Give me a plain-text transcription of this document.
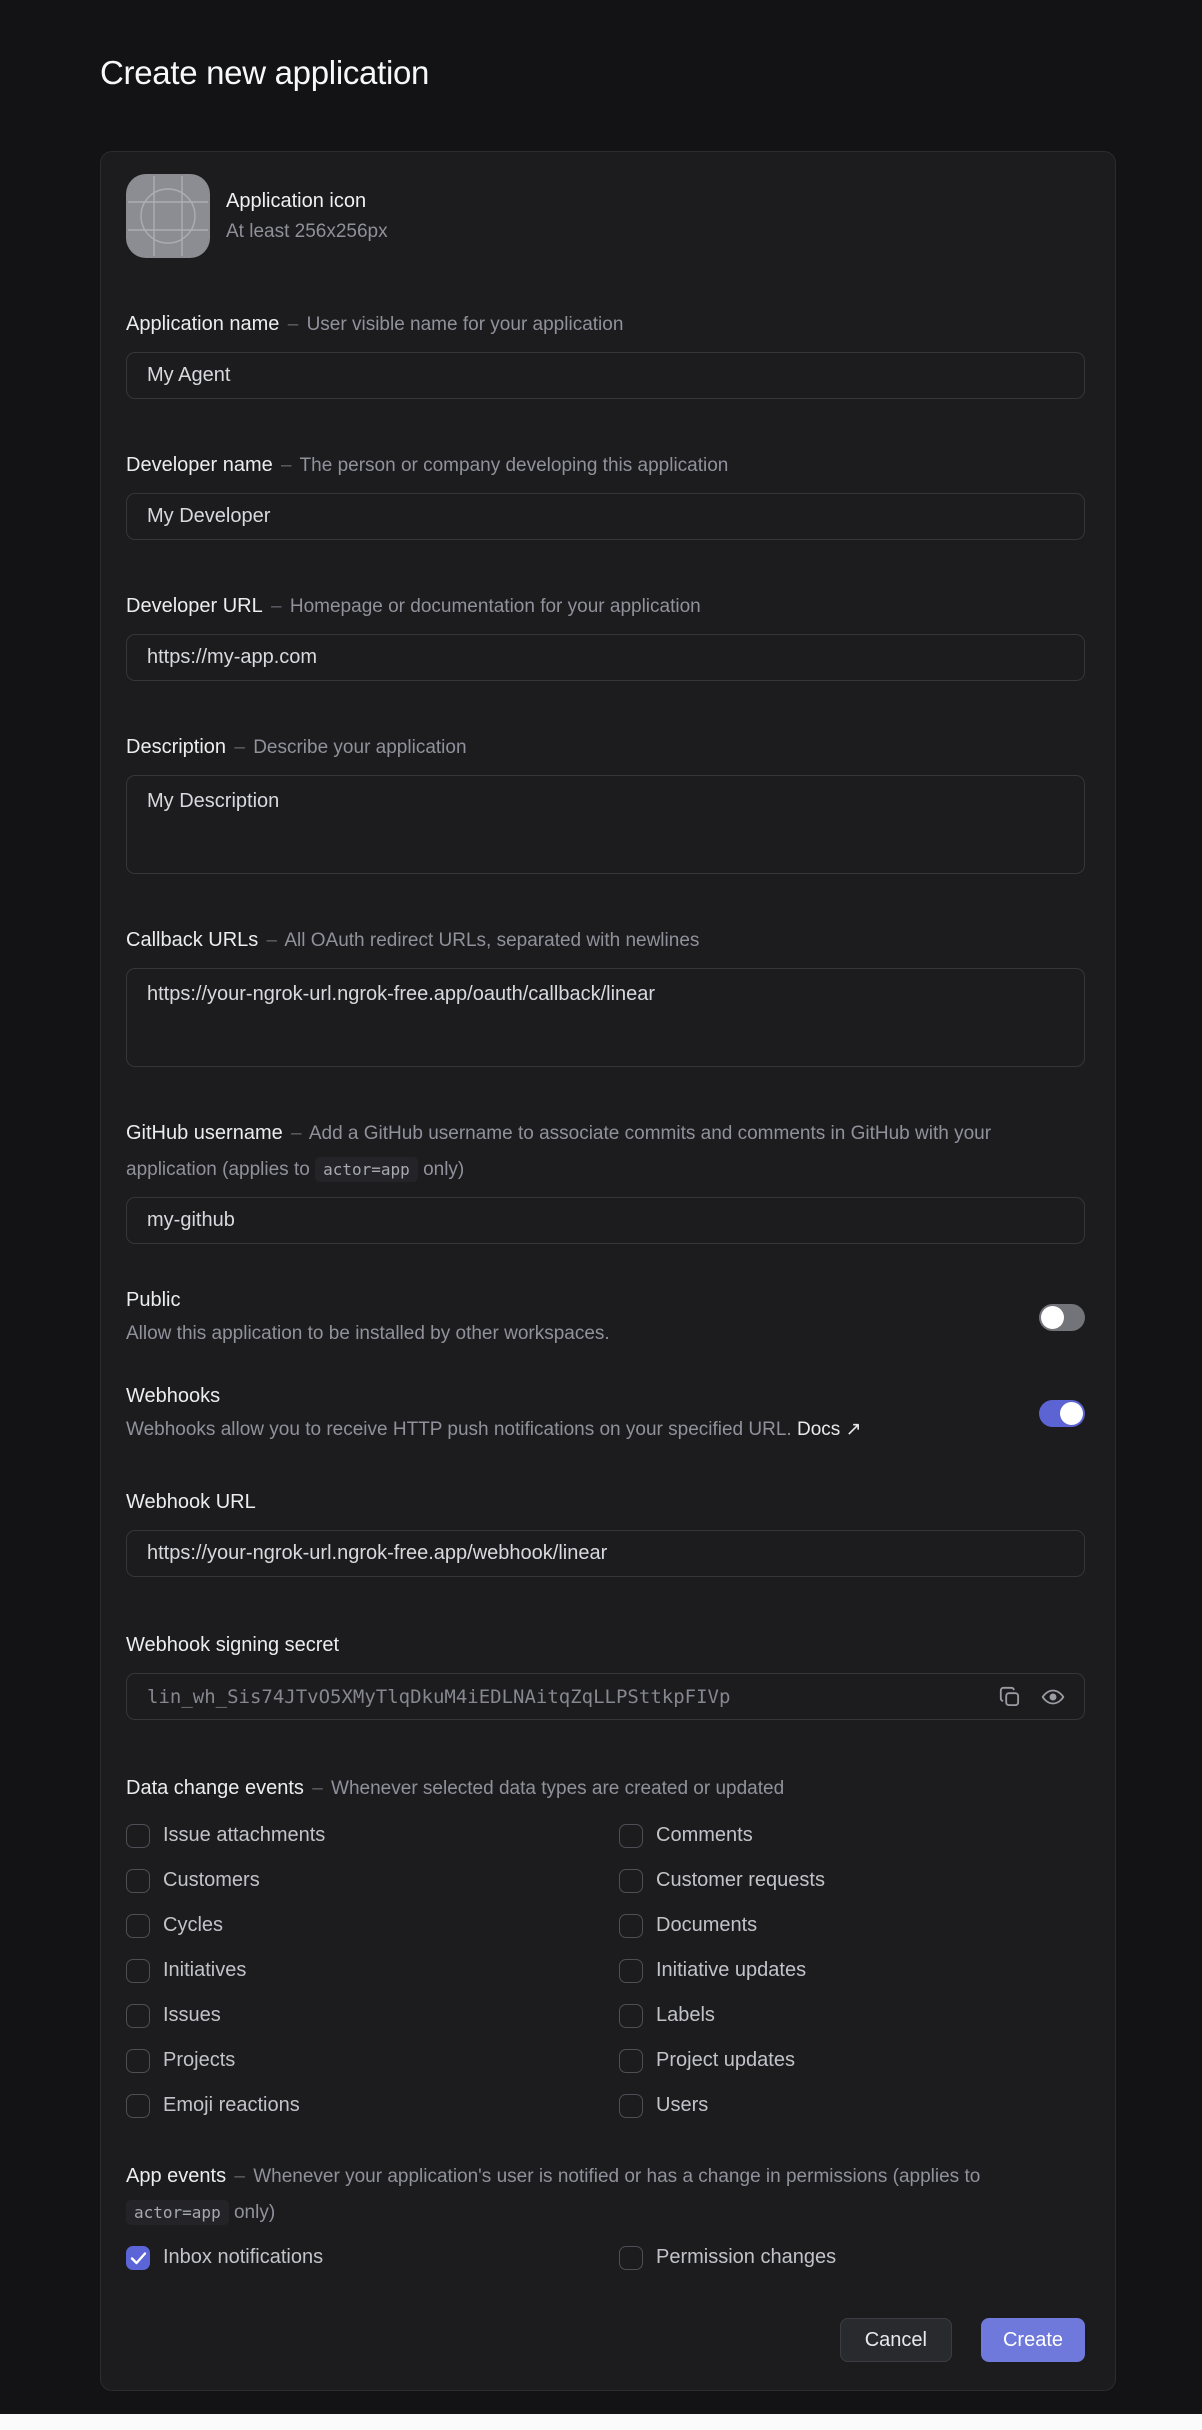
Create new application
Application icon
At least 256x256px

Application name – User visible name for your application

My Agent

Developer name – The person or company developing this application

My Developer

Developer URL – Homepage or documentation for your application

https://my-app.com

Description – Describe your application

My Description

Callback URLs – All OAuth redirect URLs, separated with newlines

https://your-ngrok-url.ngrok-free.app/oauth/callback/linear

GitHub username – Add a GitHub username to associate commits and comments in GitHub with your application (applies to actor=app only)

my-github
Public
Allow this application to be installed by other workspaces.
Webhooks
Webhooks allow you to receive HTTP push notifications on your specified URL. Docs ↗

Webhook URL

https://your-ngrok-url.ngrok-free.app/webhook/linear

Webhook signing secret

lin_wh_Sis74JTvO5XMyTlqDkuM4iEDLNAitqZqLLPSttkpFIVp

Data change events – Whenever selected data types are created or updated

Issue attachments	Comments
Customers	Customer requests
Cycles	Documents
Initiatives	Initiative updates
Issues	Labels
Projects	Project updates
Emoji reactions	Users

App events – Whenever your application's user is notified or has a change in permissions (applies to actor=app only)

Inbox notifications	Permission changes
Cancel	Create
